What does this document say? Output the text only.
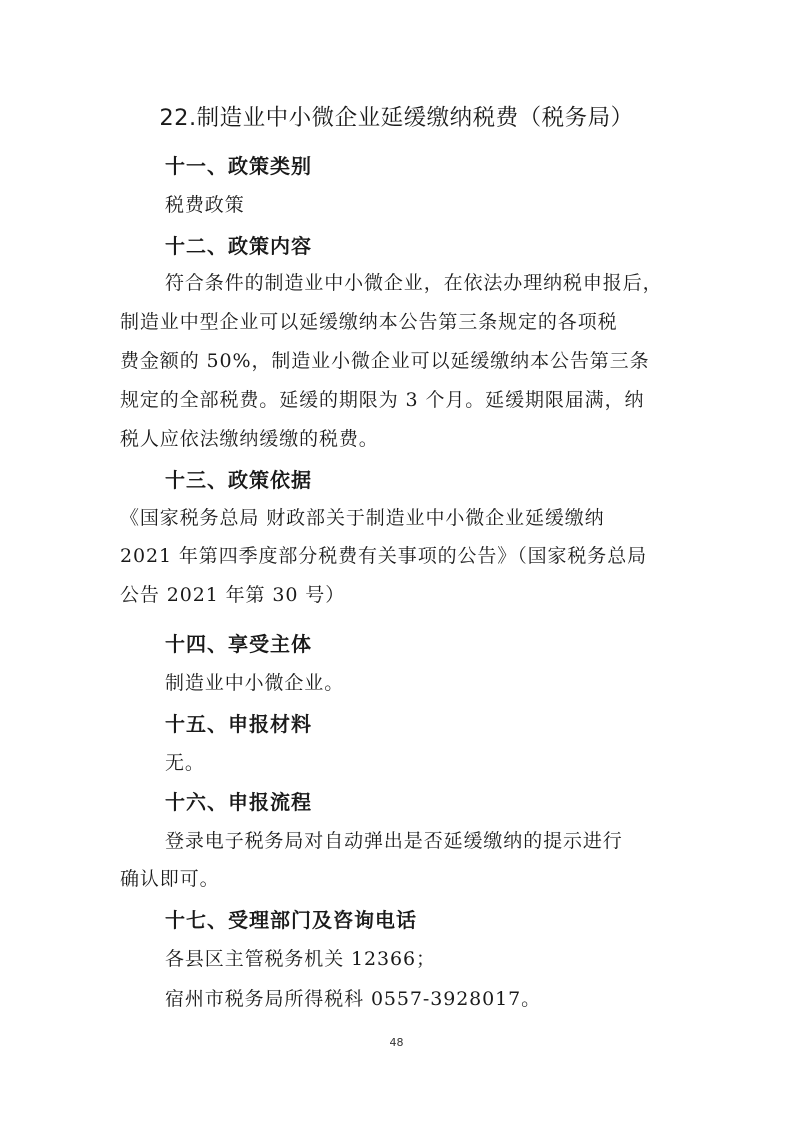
22.制造业中小微企业延缓缴纳税费（税务局）
十一、政策类别
税费政策
十二、政策内容
符合条件的制造业中小微企业，在依法办理纳税申报后，
制造业中型企业可以延缓缴纳本公告第三条规定的各项税
费金额的 50%，制造业小微企业可以延缓缴纳本公告第三条
规定的全部税费。延缓的期限为 3 个月。延缓期限届满，纳
税人应依法缴纳缓缴的税费。
十三、政策依据
《国家税务总局 财政部关于制造业中小微企业延缓缴纳
2021 年第四季度部分税费有关事项的公告》（国家税务总局
公告 2021 年第 30 号）
十四、享受主体
制造业中小微企业。
十五、申报材料
无。
十六、申报流程
登录电子税务局对自动弹出是否延缓缴纳的提示进行
确认即可。
十七、受理部门及咨询电话
各县区主管税务机关 12366；
宿州市税务局所得税科 0557-3928017。
48
